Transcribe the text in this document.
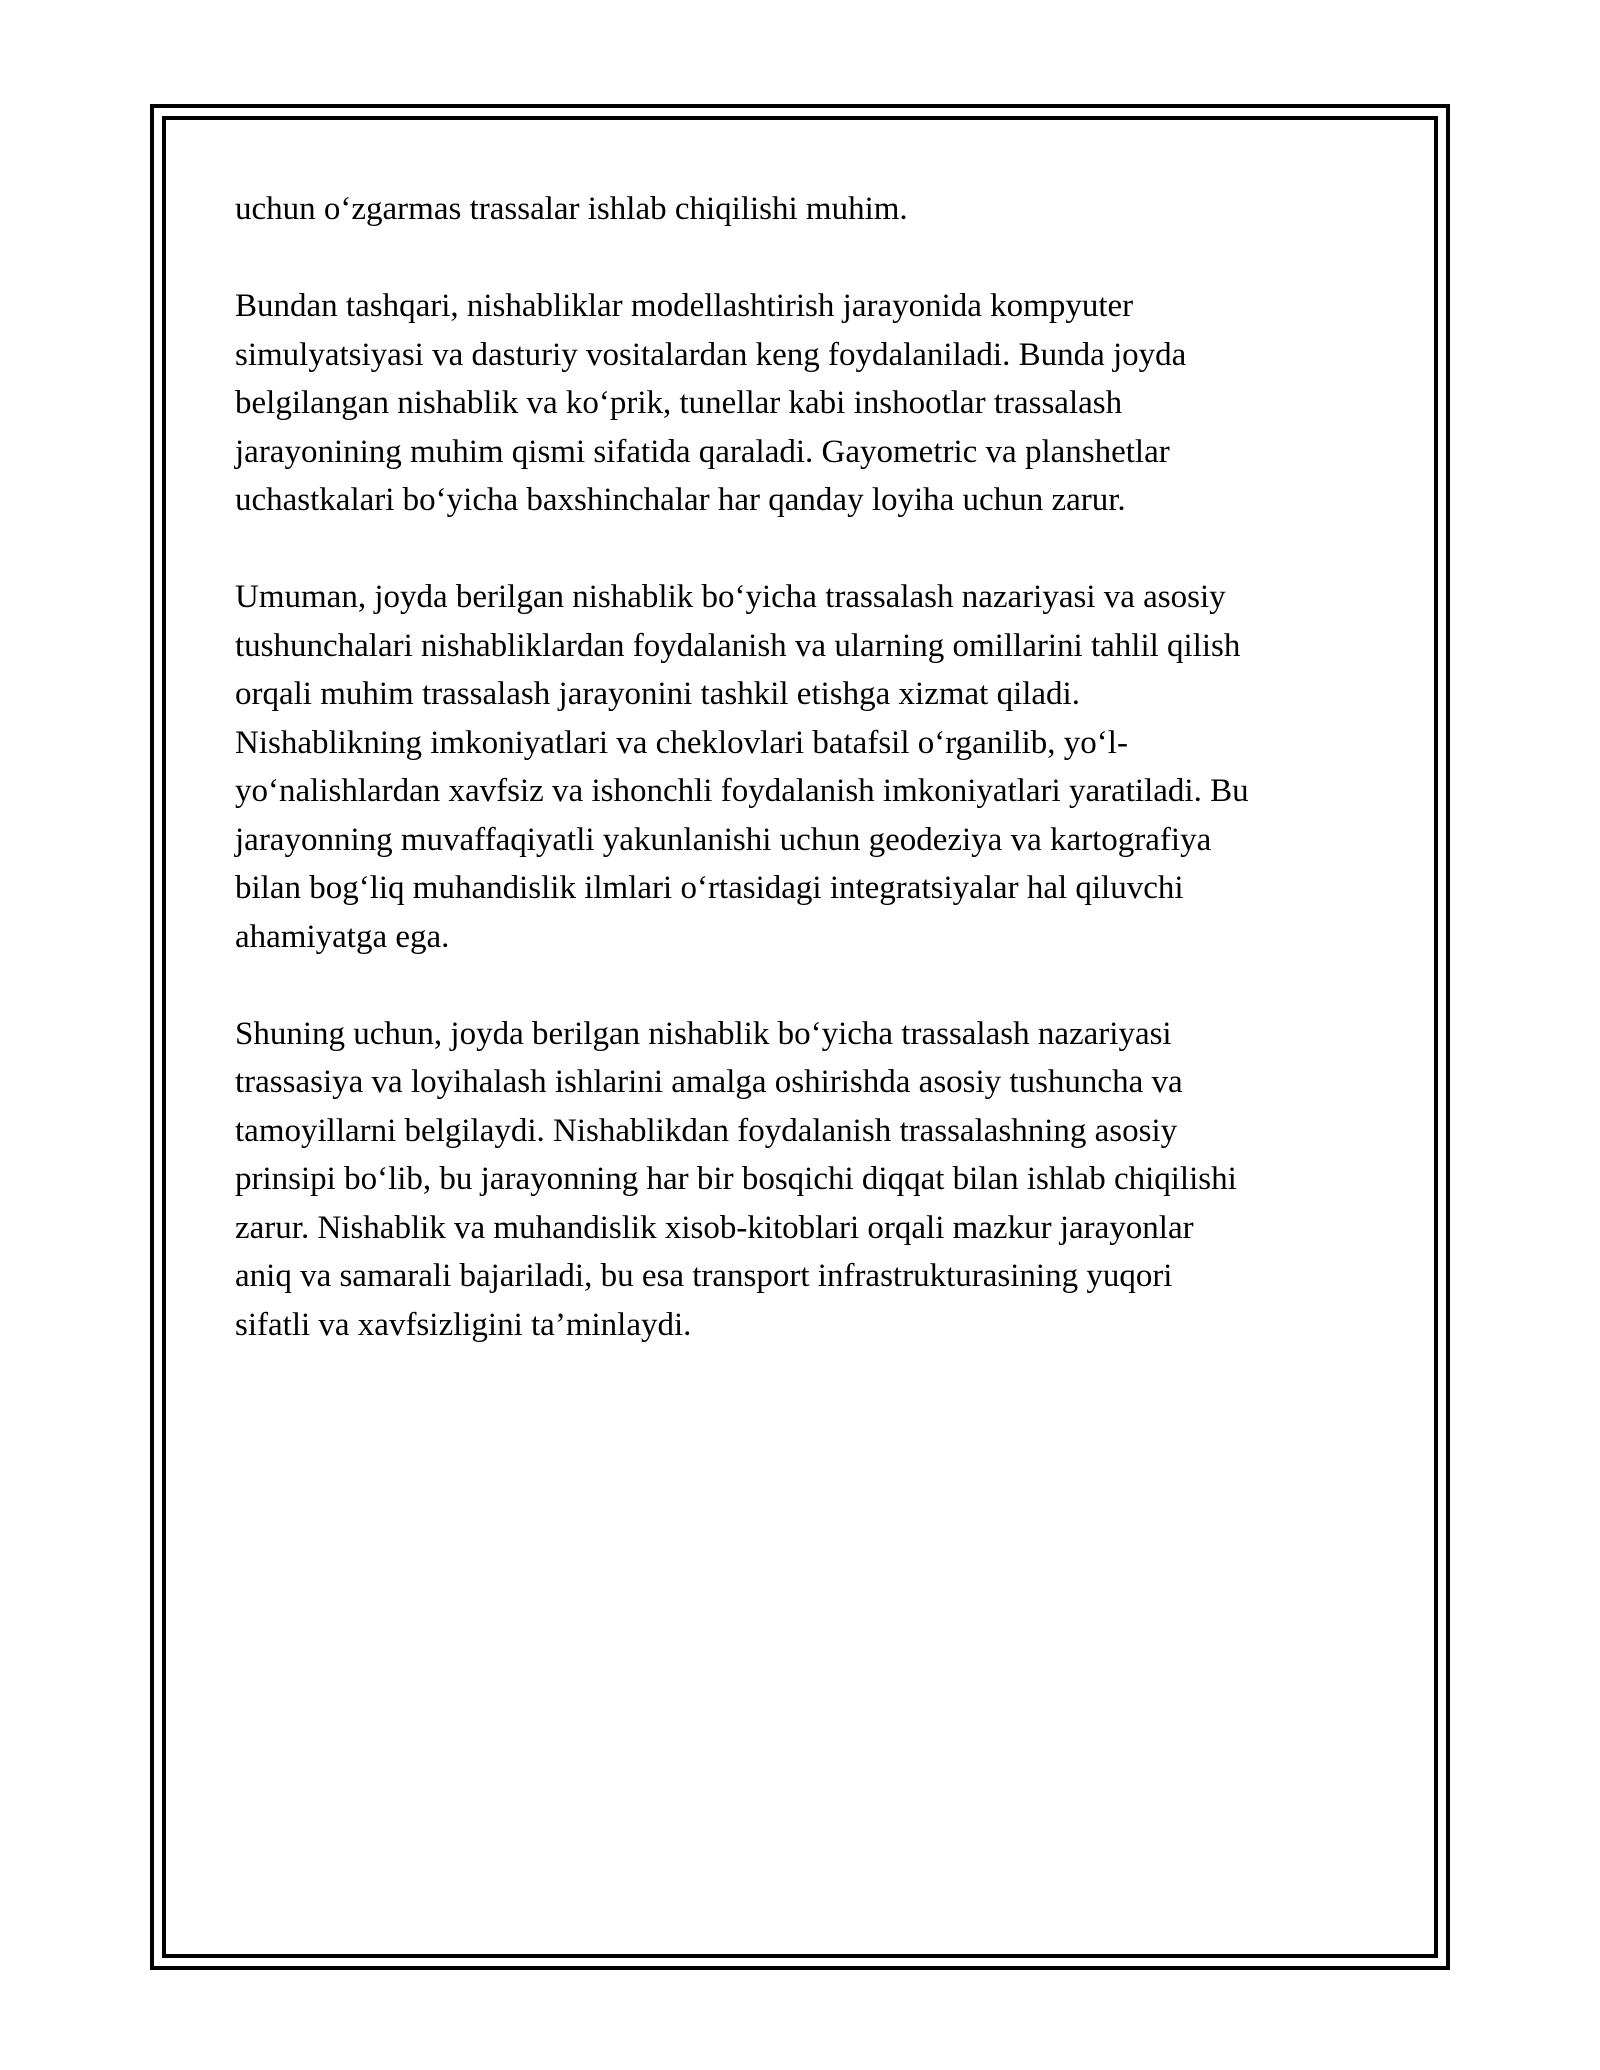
uchun o‘zgarmas trassalar ishlab chiqilishi muhim.

Bundan tashqari, nishabliklar modellashtirish jarayonida kompyuter
simulyatsiyasi va dasturiy vositalardan keng foydalaniladi. Bunda joyda
belgilangan nishablik va ko‘prik, tunellar kabi inshootlar trassalash
jarayonining muhim qismi sifatida qaraladi. Gayometric va planshetlar
uchastkalari bo‘yicha baxshinchalar har qanday loyiha uchun zarur.

Umuman, joyda berilgan nishablik bo‘yicha trassalash nazariyasi va asosiy
tushunchalari nishabliklardan foydalanish va ularning omillarini tahlil qilish
orqali muhim trassalash jarayonini tashkil etishga xizmat qiladi.
Nishablikning imkoniyatlari va cheklovlari batafsil o‘rganilib, yo‘l-
yo‘nalishlardan xavfsiz va ishonchli foydalanish imkoniyatlari yaratiladi. Bu
jarayonning muvaffaqiyatli yakunlanishi uchun geodeziya va kartografiya
bilan bog‘liq muhandislik ilmlari o‘rtasidagi integratsiyalar hal qiluvchi
ahamiyatga ega.

Shuning uchun, joyda berilgan nishablik bo‘yicha trassalash nazariyasi
trassasiya va loyihalash ishlarini amalga oshirishda asosiy tushuncha va
tamoyillarni belgilaydi. Nishablikdan foydalanish trassalashning asosiy
prinsipi bo‘lib, bu jarayonning har bir bosqichi diqqat bilan ishlab chiqilishi
zarur. Nishablik va muhandislik xisob-kitoblari orqali mazkur jarayonlar
aniq va samarali bajariladi, bu esa transport infrastrukturasining yuqori
sifatli va xavfsizligini ta’minlaydi.
